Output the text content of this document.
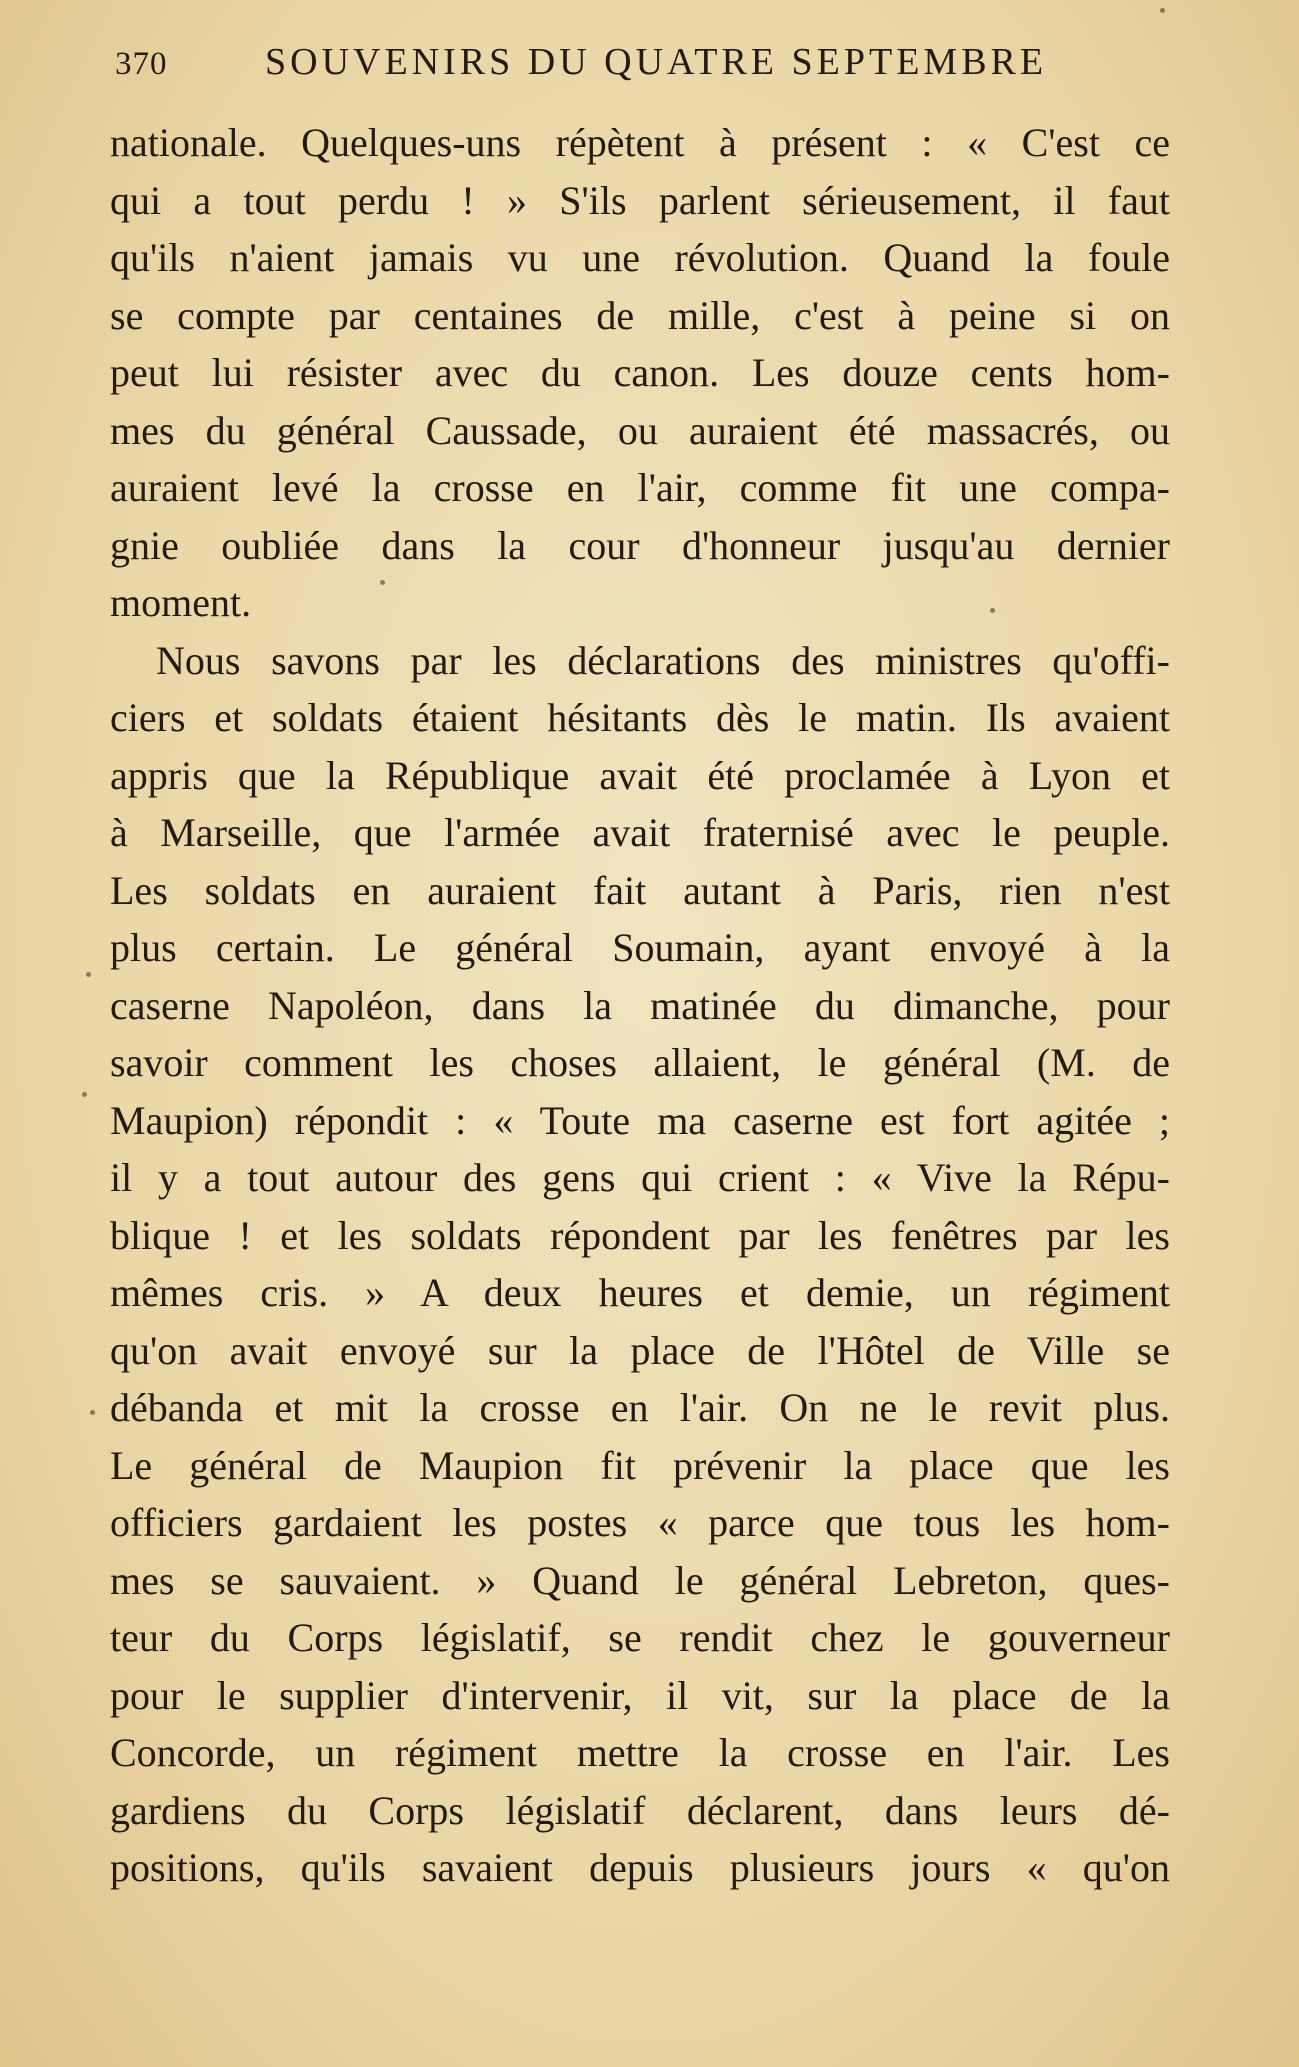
370	SOUVENIRS DU QUATRE SEPTEMBRE
nationale. Quelques-uns répètent à présent : « C'est ce
qui a tout perdu ! » S'ils parlent sérieusement, il faut
qu'ils n'aient jamais vu une révolution. Quand la foule
se compte par centaines de mille, c'est à peine si on
peut lui résister avec du canon. Les douze cents hom-
mes du général Caussade, ou auraient été massacrés, ou
auraient levé la crosse en l'air, comme fit une compa-
gnie oubliée dans la cour d'honneur jusqu'au dernier
moment.
Nous savons par les déclarations des ministres qu'offi-
ciers et soldats étaient hésitants dès le matin. Ils avaient
appris que la République avait été proclamée à Lyon et
à Marseille, que l'armée avait fraternisé avec le peuple.
Les soldats en auraient fait autant à Paris, rien n'est
plus certain. Le général Soumain, ayant envoyé à la
caserne Napoléon, dans la matinée du dimanche, pour
savoir comment les choses allaient, le général (M. de
Maupion) répondit : « Toute ma caserne est fort agitée ;
il y a tout autour des gens qui crient : « Vive la Répu-
blique ! et les soldats répondent par les fenêtres par les
mêmes cris. » A deux heures et demie, un régiment
qu'on avait envoyé sur la place de l'Hôtel de Ville se
débanda et mit la crosse en l'air. On ne le revit plus.
Le général de Maupion fit prévenir la place que les
officiers gardaient les postes « parce que tous les hom-
mes se sauvaient. » Quand le général Lebreton, ques-
teur du Corps législatif, se rendit chez le gouverneur
pour le supplier d'intervenir, il vit, sur la place de la
Concorde, un régiment mettre la crosse en l'air. Les
gardiens du Corps législatif déclarent, dans leurs dé-
positions, qu'ils savaient depuis plusieurs jours « qu'on
